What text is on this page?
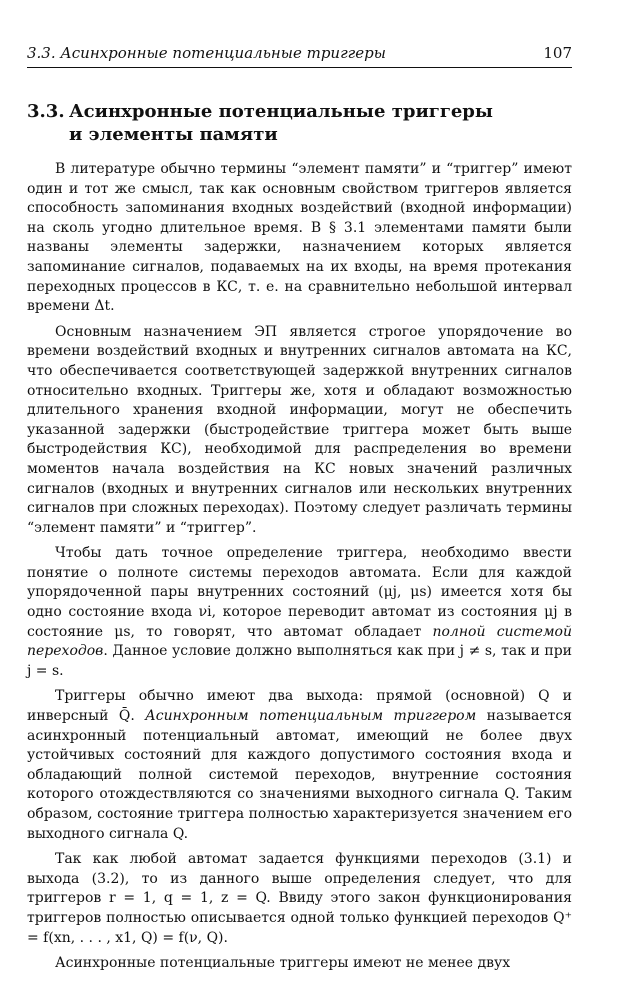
3.3. Асинхронные потенциальные триггеры	107
3.3. Асинхронные потенциальные триггеры
и элементы памяти

В литературе обычно термины “элемент памяти” и “триггер” имеют один и тот же смысл, так как основным свойством триггеров является способность запоминания входных воздействий (входной информации) на сколь угодно длительное время. В § 3.1 элементами памяти были названы элементы задержки, назначением которых является запоминание сигналов, подаваемых на их входы, на время протекания переходных процессов в КС, т. е. на сравнительно небольшой интервал времени Δt.

Основным назначением ЭП является строгое упорядочение во времени воздействий входных и внутренних сигналов автомата на КС, что обеспечивается соответствующей задержкой внутренних сигналов относительно входных. Триггеры же, хотя и обладают возможностью длительного хранения входной информации, могут не обеспечить указанной задержки (быстродействие триггера может быть выше быстродействия КС), необходимой для распределения во времени моментов начала воздействия на КС новых значений различных сигналов (входных и внутренних сигналов или нескольких внутренних сигналов при сложных переходах). Поэтому следует различать термины “элемент памяти” и “триггер”.

Чтобы дать точное определение триггера, необходимо ввести понятие о полноте системы переходов автомата. Если для каждой упорядоченной пары внутренних состояний (μj, μs) имеется хотя бы одно состояние входа νi, которое переводит автомат из состояния μj в состояние μs, то говорят, что автомат обладает полной системой переходов. Данное условие должно выполняться как при j ≠ s, так и при j = s.

Триггеры обычно имеют два выхода: прямой (основной) Q и инверсный Q̄. Асинхронным потенциальным триггером называется асинхронный потенциальный автомат, имеющий не более двух устойчивых состояний для каждого допустимого состояния входа и обладающий полной системой переходов, внутренние состояния которого отождествляются со значениями выходного сигнала Q. Таким образом, состояние триггера полностью характеризуется значением его выходного сигнала Q.

Так как любой автомат задается функциями переходов (3.1) и выхода (3.2), то из данного выше определения следует, что для триггеров r = 1, q = 1, z = Q. Ввиду этого закон функционирования триггеров полностью описывается одной только функцией переходов Q⁺ = f(xn, . . . , x1, Q) = f(ν, Q).

Асинхронные потенциальные триггеры имеют не менее двух
